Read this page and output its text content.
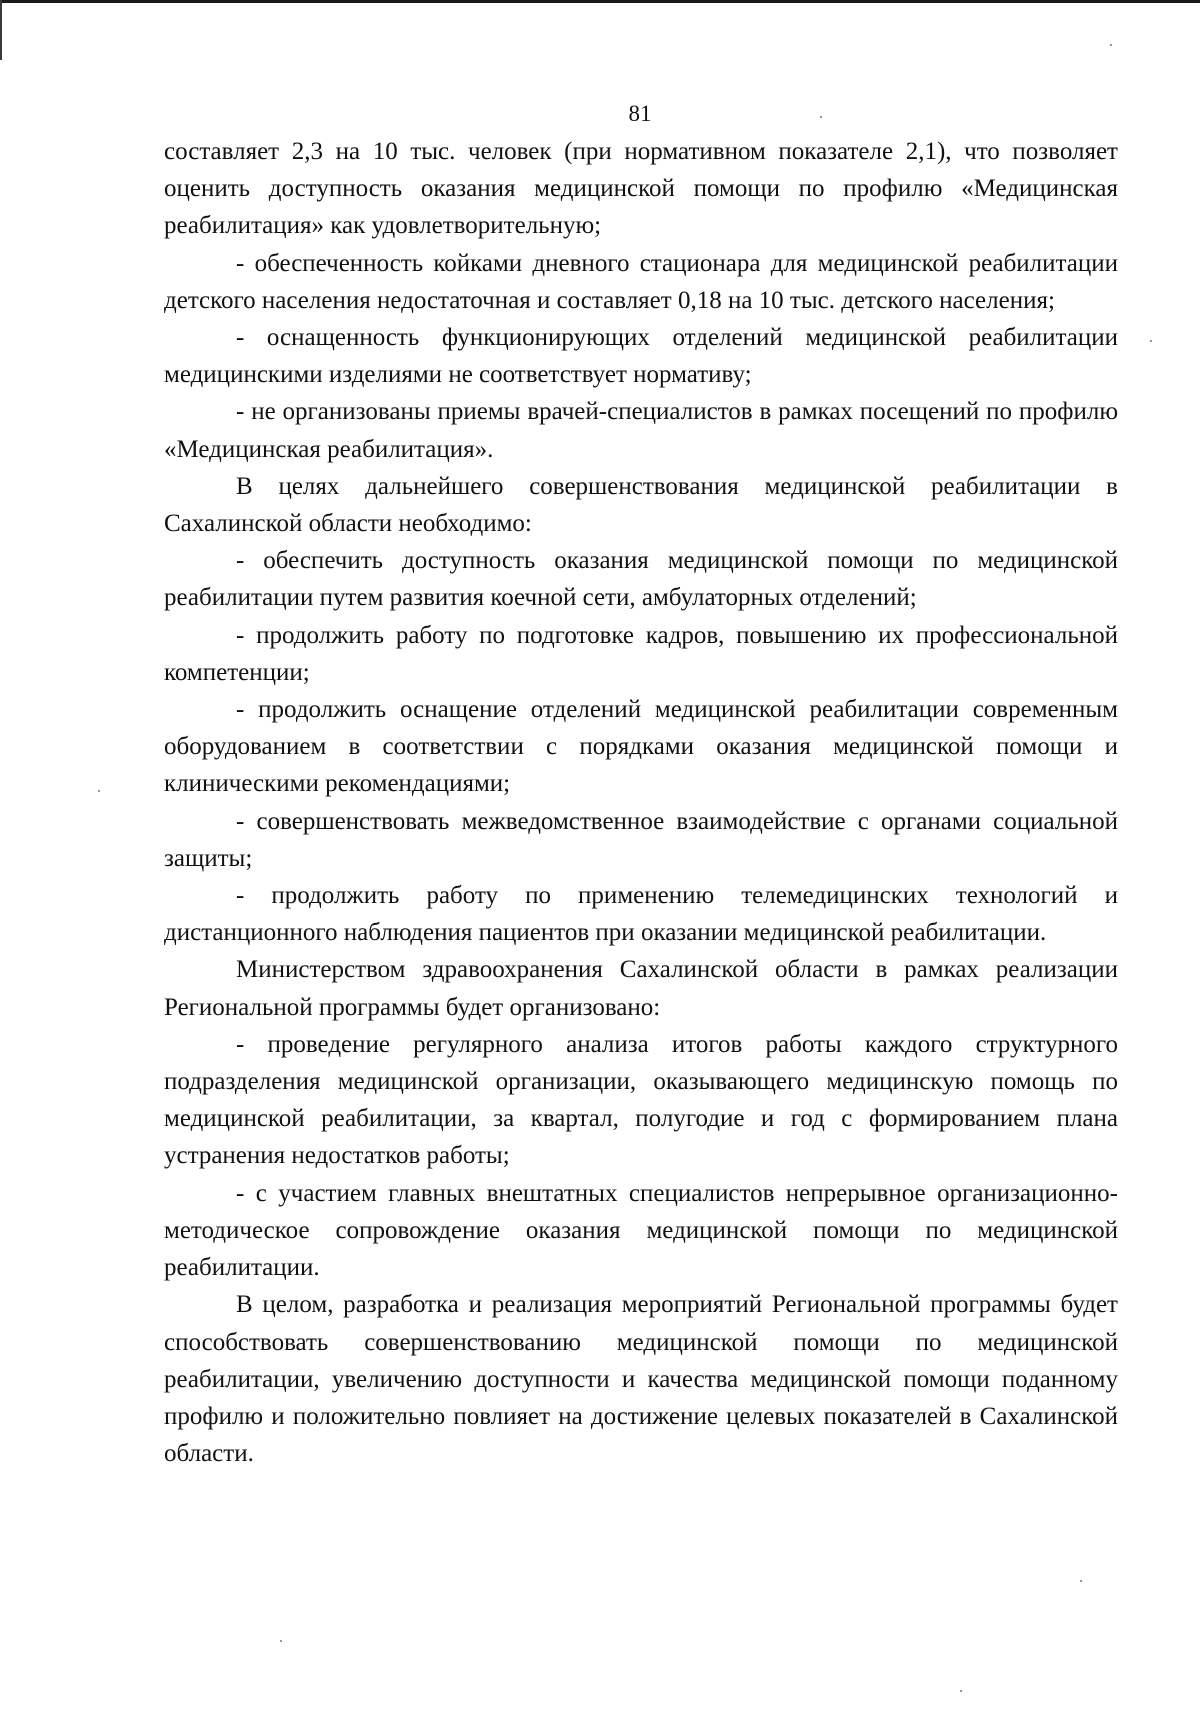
81

составляет 2,3 на 10 тыс. человек (при нормативном показателе 2,1), что позволяет оценить доступность оказания медицинской помощи по профилю «Медицинская реабилитация» как удовлетворительную;

- обеспеченность койками дневного стационара для медицинской реабилитации детского населения недостаточная и составляет 0,18 на 10 тыс. детского населения;

- оснащенность функционирующих отделений медицинской реабилитации медицинскими изделиями не соответствует нормативу;

- не организованы приемы врачей-специалистов в рамках посещений по профилю «Медицинская реабилитация».

В целях дальнейшего совершенствования медицинской реабилитации в Сахалинской области необходимо:

- обеспечить доступность оказания медицинской помощи по медицинской реабилитации путем развития коечной сети, амбулаторных отделений;

- продолжить работу по подготовке кадров, повышению их профессиональной компетенции;

- продолжить оснащение отделений медицинской реабилитации современным оборудованием в соответствии с порядками оказания медицинской помощи и клиническими рекомендациями;

- совершенствовать межведомственное взаимодействие с органами социальной защиты;

- продолжить работу по применению телемедицинских технологий и дистанционного наблюдения пациентов при оказании медицинской реабилитации.

Министерством здравоохранения Сахалинской области в рамках реализации Региональной программы будет организовано:

- проведение регулярного анализа итогов работы каждого структурного подразделения медицинской организации, оказывающего медицинскую помощь по медицинской реабилитации, за квартал, полугодие и год с формированием плана устранения недостатков работы;

- с участием главных внештатных специалистов непрерывное организационно-методическое сопровождение оказания медицинской помощи по медицинской реабилитации.

В целом, разработка и реализация мероприятий Региональной программы будет способствовать совершенствованию медицинской помощи по медицинской реабилитации, увеличению доступности и качества медицинской помощи поданному профилю и положительно повлияет на достижение целевых показателей в Сахалинской области.
